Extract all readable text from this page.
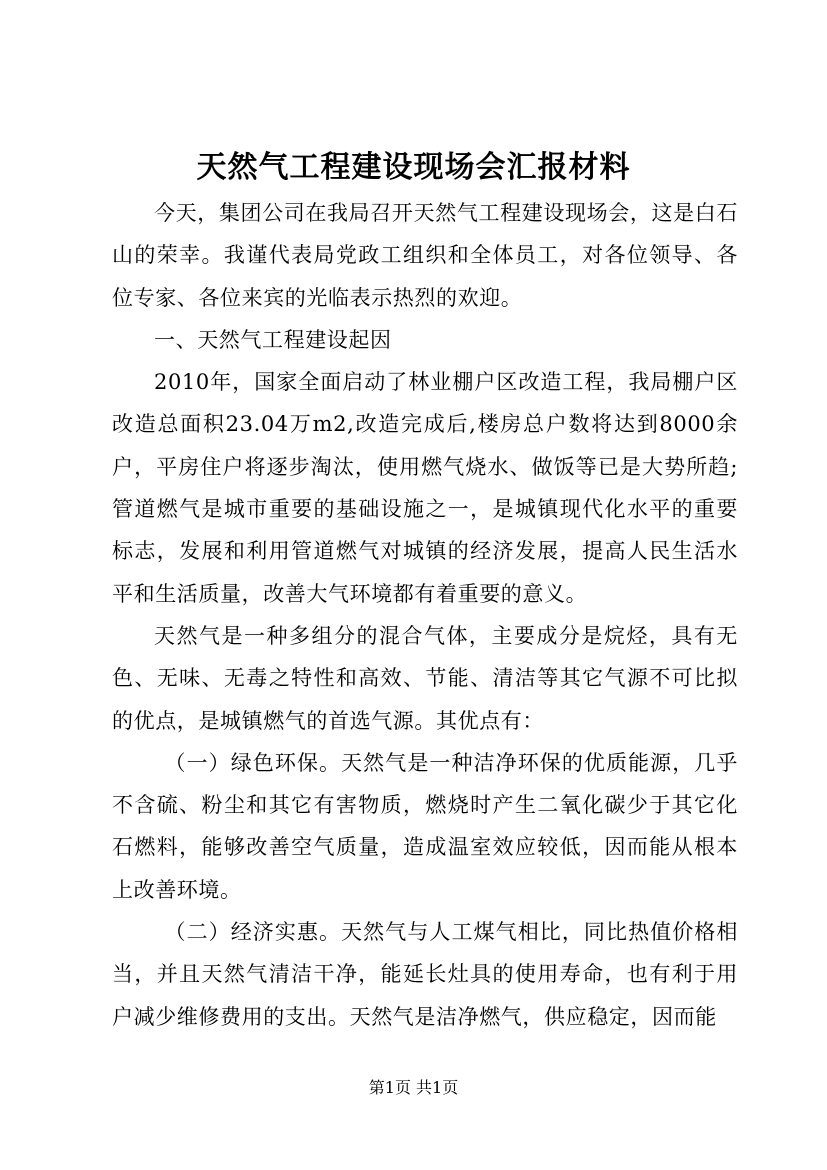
天然气工程建设现场会汇报材料

今天，集团公司在我局召开天然气工程建设现场会，这是白石山的荣幸。我谨代表局党政工组织和全体员工，对各位领导、各位专家、各位来宾的光临表示热烈的欢迎。

一、天然气工程建设起因

2010年，国家全面启动了林业棚户区改造工程，我局棚户区改造总面积23.04万m2,改造完成后,楼房总户数将达到8000余户，平房住户将逐步淘汰，使用燃气烧水、做饭等已是大势所趋;管道燃气是城市重要的基础设施之一，是城镇现代化水平的重要标志，发展和利用管道燃气对城镇的经济发展，提高人民生活水平和生活质量，改善大气环境都有着重要的意义。

天然气是一种多组分的混合气体，主要成分是烷烃，具有无色、无味、无毒之特性和高效、节能、清洁等其它气源不可比拟的优点，是城镇燃气的首选气源。其优点有：

（一）绿色环保。天然气是一种洁净环保的优质能源，几乎不含硫、粉尘和其它有害物质，燃烧时产生二氧化碳少于其它化石燃料，能够改善空气质量，造成温室效应较低，因而能从根本上改善环境。

（二）经济实惠。天然气与人工煤气相比，同比热值价格相当，并且天然气清洁干净，能延长灶具的使用寿命，也有利于用户减少维修费用的支出。天然气是洁净燃气，供应稳定，因而能

第1页 共1页
